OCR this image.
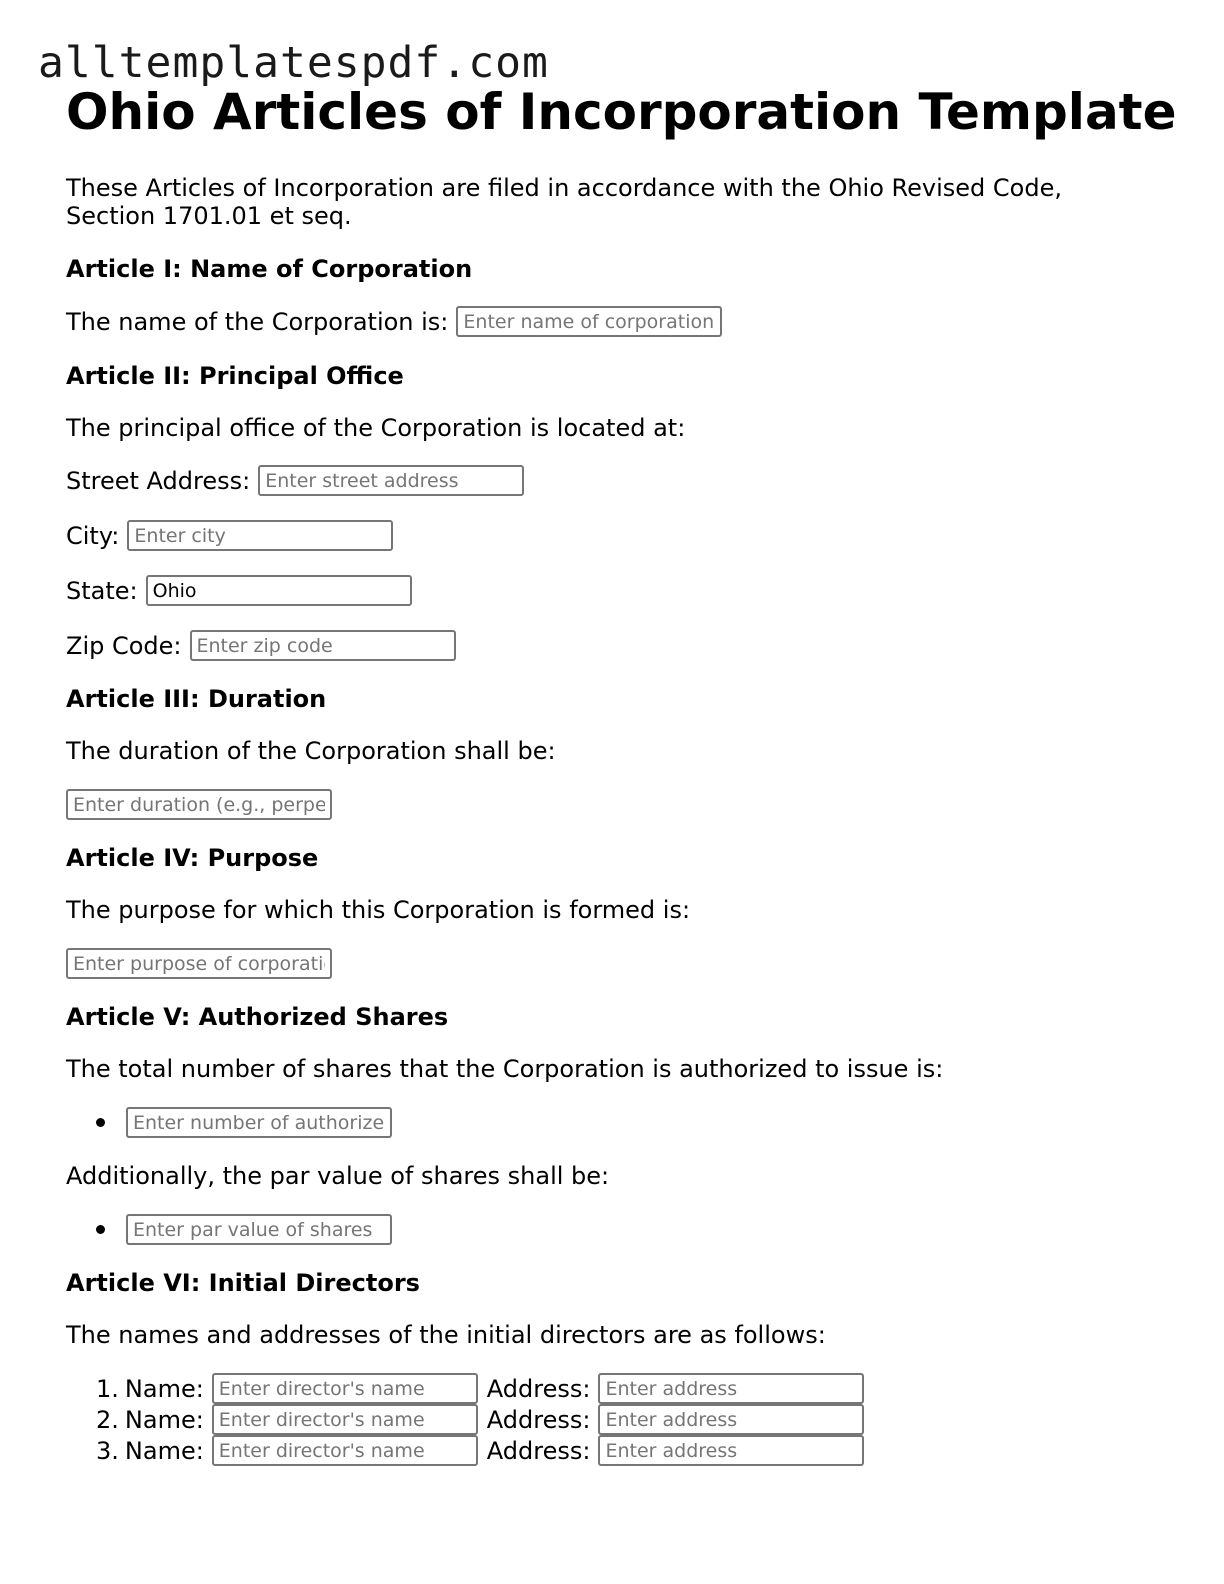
alltemplatespdf.com
Ohio Articles of Incorporation Template

These Articles of Incorporation are filed in accordance with the Ohio Revised Code, Section 1701.01 et seq.

Article I: Name of Corporation
The name of the Corporation is:
Enter name of corporation
Article II: Principal Office

The principal office of the Corporation is located at:

Street Address:
Enter street address
City:
Enter city
State:
Ohio
Zip Code:
Enter zip code
Article III: Duration

The duration of the Corporation shall be:

Enter duration (e.g., perpetual)
Article IV: Purpose

The purpose for which this Corporation is formed is:

Enter purpose of corporation
Article V: Authorized Shares

The total number of shares that the Corporation is authorized to issue is:

Enter number of authorized shares

Additionally, the par value of shares shall be:

Enter par value of shares
Article VI: Initial Directors

The names and addresses of the initial directors are as follows:

1. Name:
Enter director's name	Address:
Enter address
2. Name:
Enter director's name	Address:
Enter address
3. Name:
Enter director's name	Address:
Enter address
